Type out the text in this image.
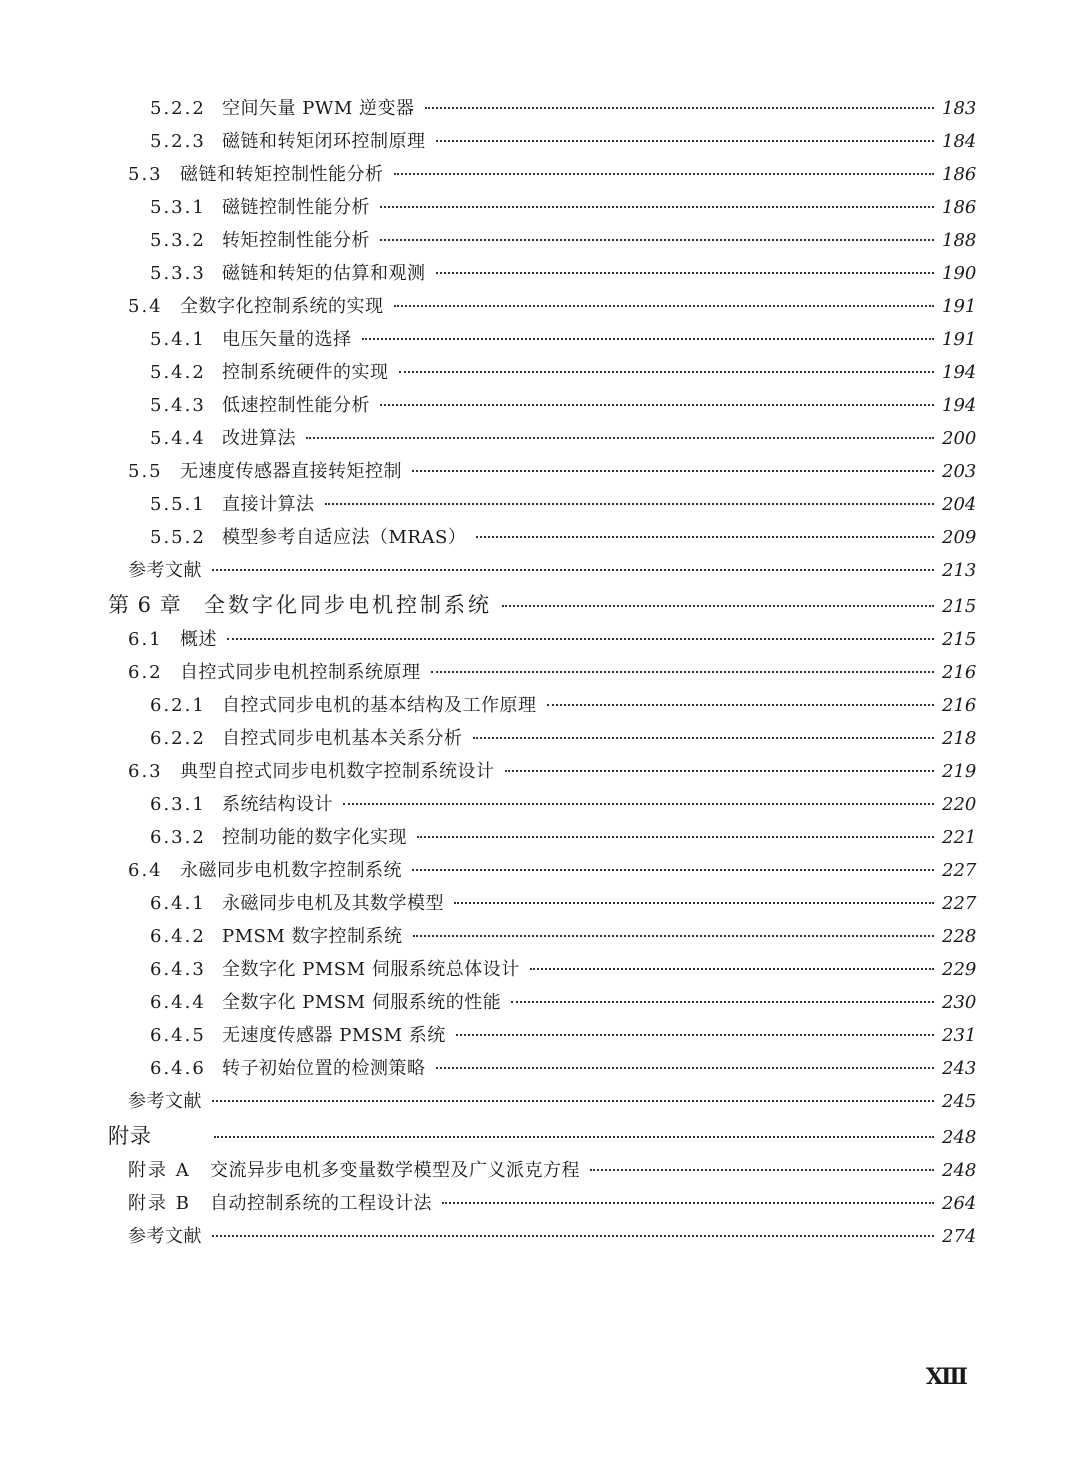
5.2.2 空间矢量 PWM 逆变器	183
5.2.3 磁链和转矩闭环控制原理	184
5.3 磁链和转矩控制性能分析	186
5.3.1 磁链控制性能分析	186
5.3.2 转矩控制性能分析	188
5.3.3 磁链和转矩的估算和观测	190
5.4 全数字化控制系统的实现	191
5.4.1 电压矢量的选择	191
5.4.2 控制系统硬件的实现	194
5.4.3 低速控制性能分析	194
5.4.4 改进算法	200
5.5 无速度传感器直接转矩控制	203
5.5.1 直接计算法	204
5.5.2 模型参考自适应法（MRAS）	209
参考文献	213
第 6 章	全数字化同步电机控制系统	215
6.1 概述	215
6.2 自控式同步电机控制系统原理	216
6.2.1 自控式同步电机的基本结构及工作原理	216
6.2.2 自控式同步电机基本关系分析	218
6.3 典型自控式同步电机数字控制系统设计	219
6.3.1 系统结构设计	220
6.3.2 控制功能的数字化实现	221
6.4 永磁同步电机数字控制系统	227
6.4.1 永磁同步电机及其数学模型	227
6.4.2 PMSM 数字控制系统	228
6.4.3 全数字化 PMSM 伺服系统总体设计	229
6.4.4 全数字化 PMSM 伺服系统的性能	230
6.4.5 无速度传感器 PMSM 系统	231
6.4.6 转子初始位置的检测策略	243
参考文献	245
附录	248
附录 A	交流异步电机多变量数学模型及广义派克方程	248
附录 B	自动控制系统的工程设计法	264
参考文献	274
XIII
